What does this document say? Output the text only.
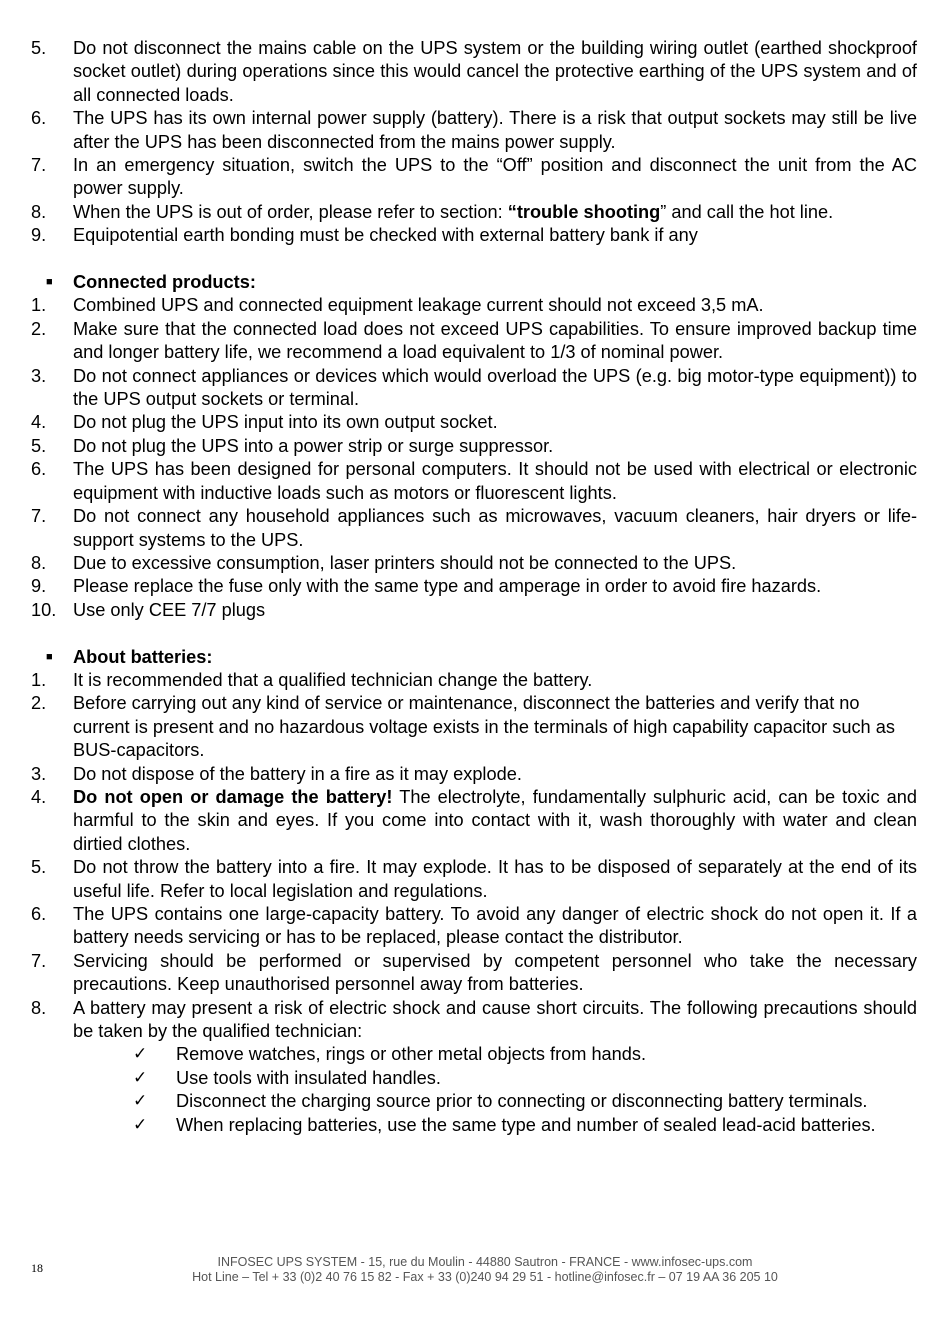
5.	Do not disconnect the mains cable on the UPS system or the building wiring outlet (earthed shockproof socket outlet) during operations since this would cancel the protective earthing of the UPS system and of all connected loads.
6.	The UPS has its own internal power supply (battery). There is a risk that output sockets may still be live after the UPS has been disconnected from the mains power supply.
7.	In an emergency situation, switch the UPS to the “Off” position and disconnect the unit from the AC power supply.
8.	When the UPS is out of order, please refer to section: “trouble shooting” and call the hot line.
9.	Equipotential earth bonding must be checked with external battery bank if any
■ Connected products:
1.	Combined UPS and connected equipment leakage current should not exceed 3,5 mA.
2.	Make sure that the connected load does not exceed UPS capabilities. To ensure improved backup time and longer battery life, we recommend a load equivalent to 1/3 of nominal power.
3.	Do not connect appliances or devices which would overload the UPS (e.g. big motor-type equipment)) to the UPS output sockets or terminal.
4.	Do not plug the UPS input into its own output socket.
5.	Do not plug the UPS into a power strip or surge suppressor.
6.	The UPS has been designed for personal computers. It should not be used with electrical or electronic equipment with inductive loads such as motors or fluorescent lights.
7.	Do not connect any household appliances such as microwaves, vacuum cleaners, hair dryers or life-support systems to the UPS.
8.	Due to excessive consumption, laser printers should not be connected to the UPS.
9.	Please replace the fuse only with the same type and amperage in order to avoid fire hazards.
10. Use only CEE 7/7 plugs
■ About batteries:
1.	It is recommended that a qualified technician change the battery.
2.	Before carrying out any kind of service or maintenance, disconnect the batteries and verify that no current is present and no hazardous voltage exists in the terminals of high capability capacitor such as BUS-capacitors.
3.	Do not dispose of the battery in a fire as it may explode.
4.	Do not open or damage the battery! The electrolyte, fundamentally sulphuric acid, can be toxic and harmful to the skin and eyes. If you come into contact with it, wash thoroughly with water and clean dirtied clothes.
5.	Do not throw the battery into a fire. It may explode. It has to be disposed of separately at the end of its useful life. Refer to local legislation and regulations.
6.	The UPS contains one large-capacity battery. To avoid any danger of electric shock do not open it. If a battery needs servicing or has to be replaced, please contact the distributor.
7.	Servicing should be performed or supervised by competent personnel who take the necessary precautions. Keep unauthorised personnel away from batteries.
8.	A battery may present a risk of electric shock and cause short circuits. The following precautions should be taken by the qualified technician:
✓ Remove watches, rings or other metal objects from hands.
✓ Use tools with insulated handles.
✓ Disconnect the charging source prior to connecting or disconnecting battery terminals.
✓ When replacing batteries, use the same type and number of sealed lead-acid batteries.
18	INFOSEC UPS SYSTEM - 15, rue du Moulin - 44880 Sautron - FRANCE - www.infosec-ups.com
Hot Line – Tel + 33 (0)2 40 76 15 82 - Fax + 33 (0)240 94 29 51 - hotline@infosec.fr – 07 19 AA 36 205 10
